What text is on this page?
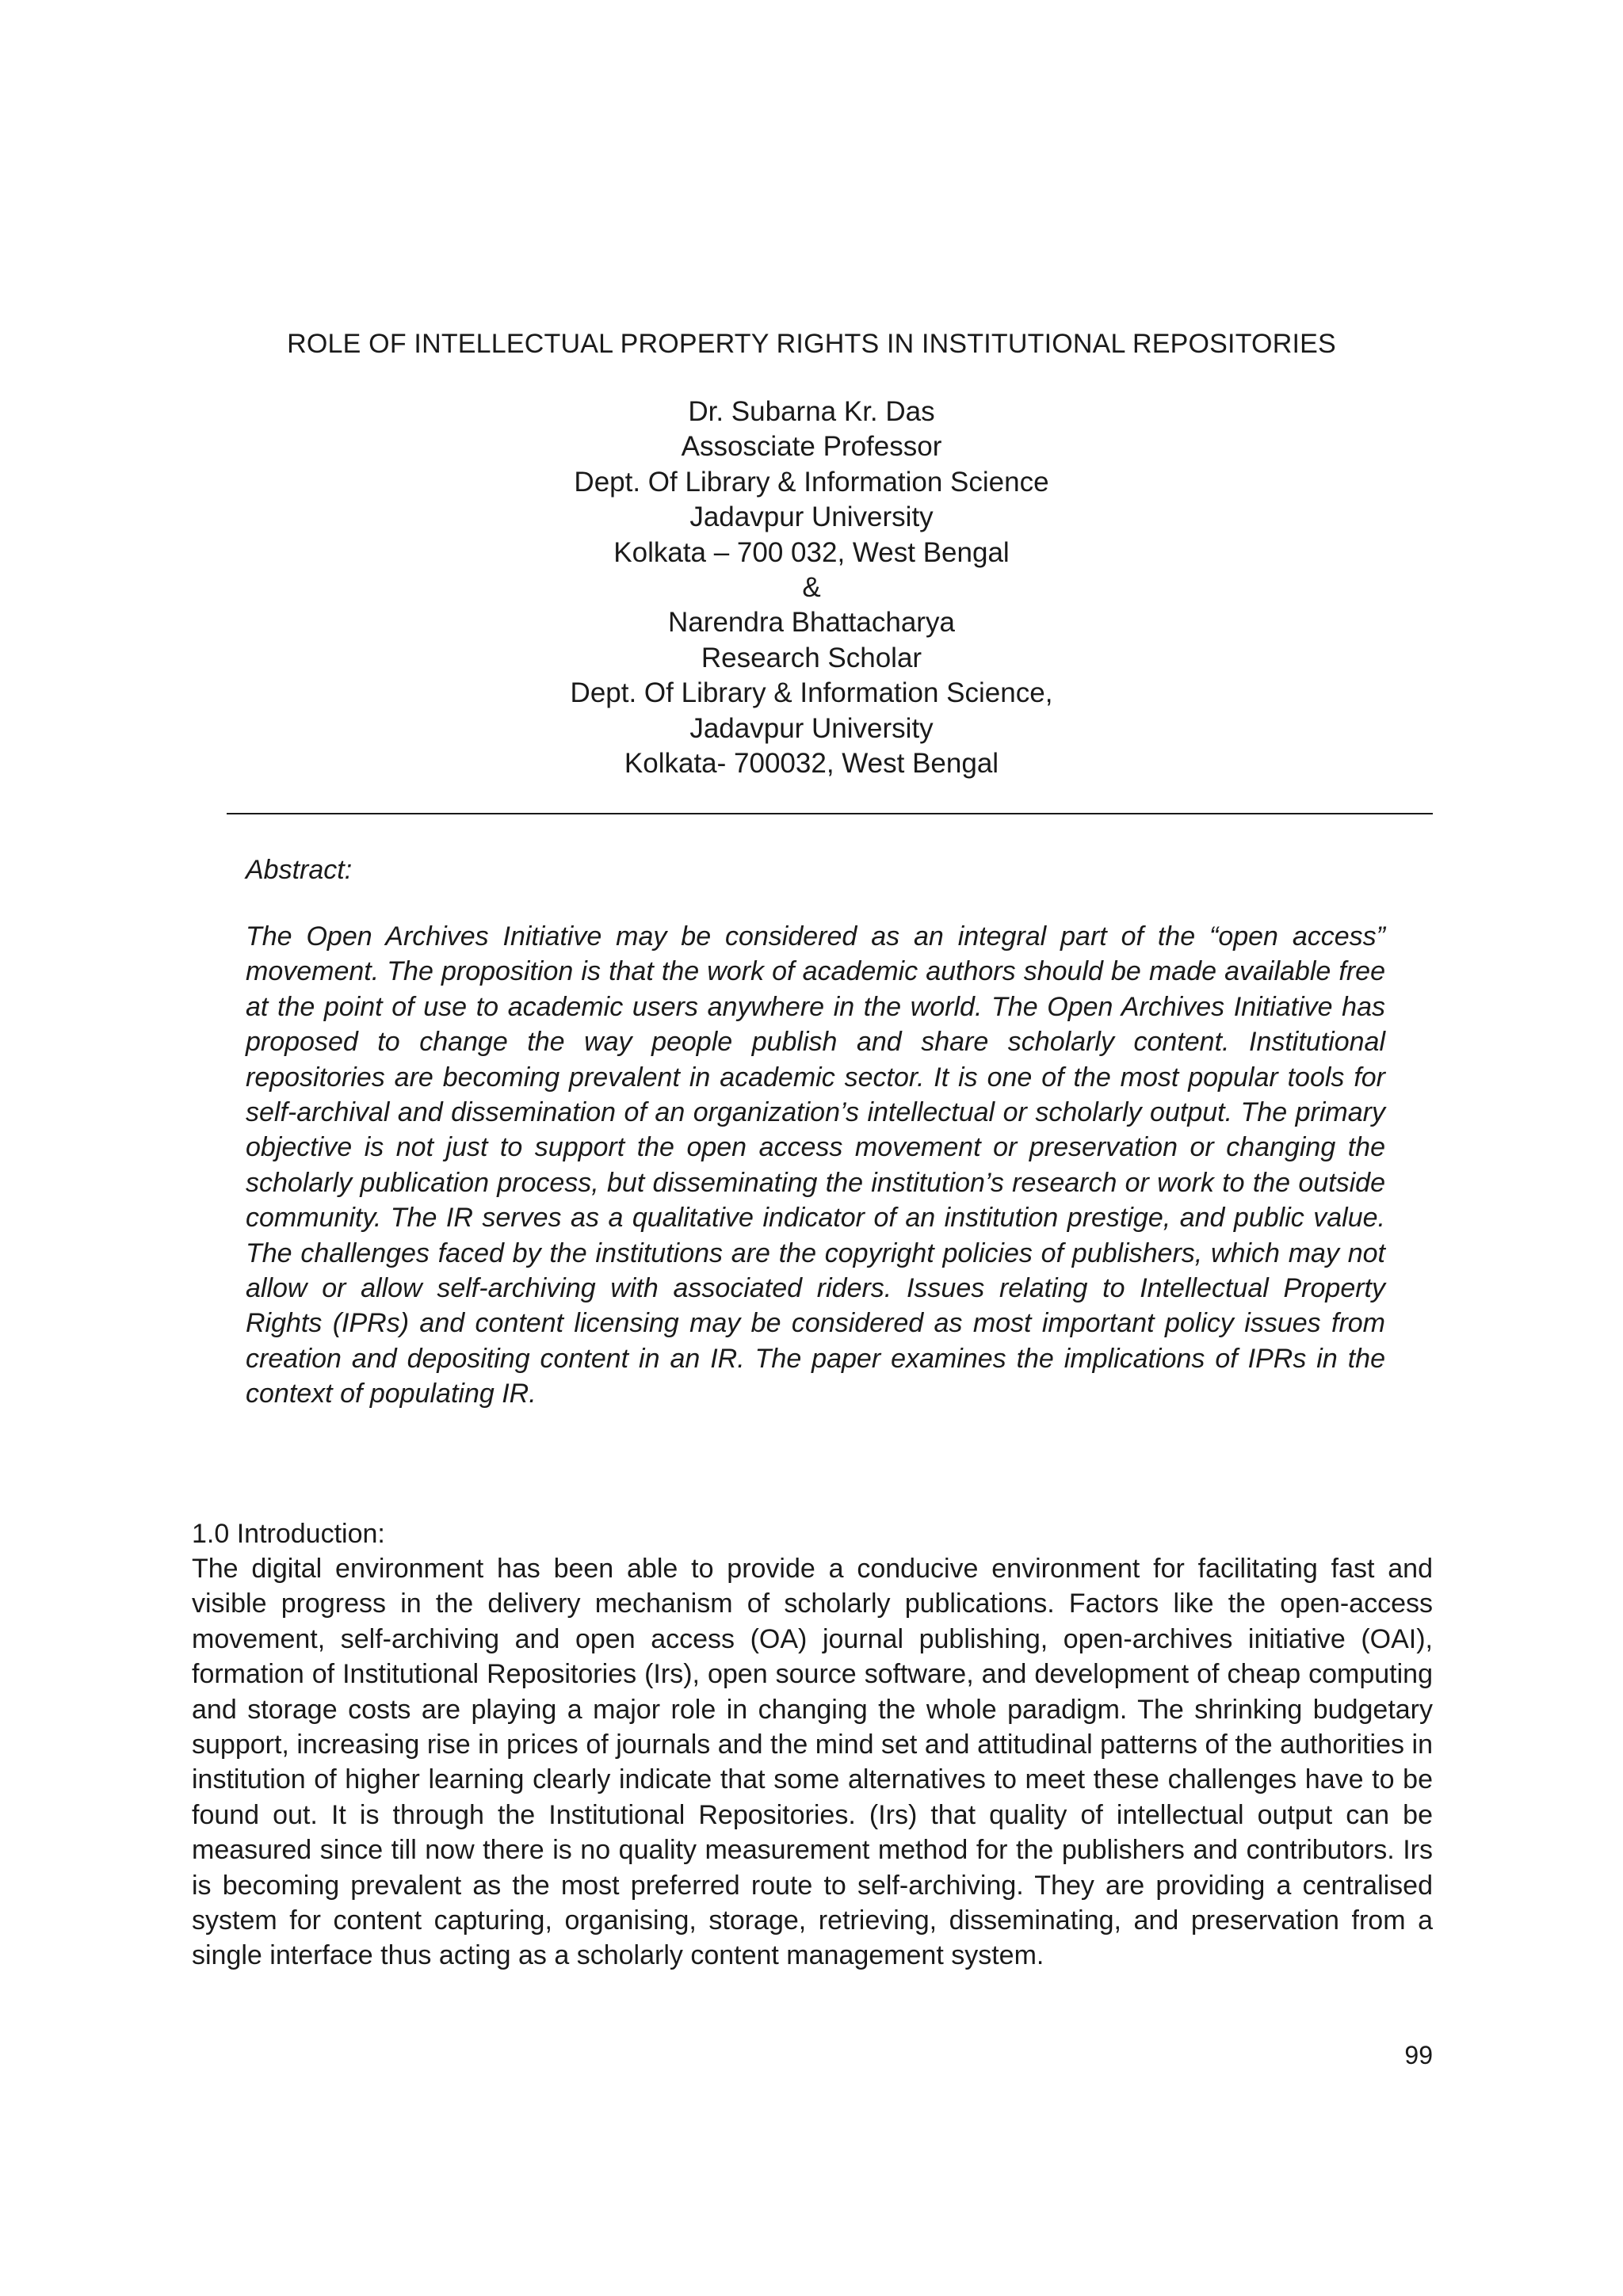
ROLE OF INTELLECTUAL PROPERTY RIGHTS IN INSTITUTIONAL REPOSITORIES
Dr. Subarna Kr. Das
Assosciate Professor
Dept. Of Library & Information Science
Jadavpur University
Kolkata – 700 032, West Bengal
&
Narendra Bhattacharya
Research Scholar
Dept. Of Library & Information Science,
Jadavpur University
Kolkata- 700032, West Bengal
Abstract:

The Open Archives Initiative may be considered as an integral part of the “open access” movement. The proposition is that the work of academic authors should be made available free at the point of use to academic users anywhere in the world. The Open Archives Initiative has proposed to change the way people publish and share scholarly content. Institutional repositories are becoming prevalent in academic sector. It is one of the most popular tools for self-archival and dissemination of an organization’s intellectual or scholarly output. The primary objective is not just to support the open access movement or preservation or changing the scholarly publication process, but disseminating the institution’s research or work to the outside community. The IR serves as a qualitative indicator of an institution prestige, and public value. The challenges faced by the institutions are the copyright policies of publishers, which may not allow or allow self-archiving with associated riders. Issues relating to Intellectual Property Rights (IPRs) and content licensing may be considered as most important policy issues from creation and depositing content in an IR. The paper examines the implications of IPRs in the context of populating IR.

1.0 Introduction:

The digital environment has been able to provide a conducive environment for facilitating fast and visible progress in the delivery mechanism of scholarly publications. Factors like the open-access movement, self-archiving and open access (OA) journal publishing, open-archives initiative (OAI), formation of Institutional Repositories (Irs), open source software, and development of cheap computing and storage costs are playing a major role in changing the whole paradigm. The shrinking budgetary support, increasing rise in prices of journals and the mind set and attitudinal patterns of the authorities in institution of higher learning clearly indicate that some alternatives to meet these challenges have to be found out. It is through the Institutional Repositories. (Irs) that quality of intellectual output can be measured since till now there is no quality measurement method for the publishers and contributors. Irs is becoming prevalent as the most preferred route to self-archiving. They are providing a centralised system for content capturing, organising, storage, retrieving, disseminating, and preservation from a single interface thus acting as a scholarly content management system.

99
